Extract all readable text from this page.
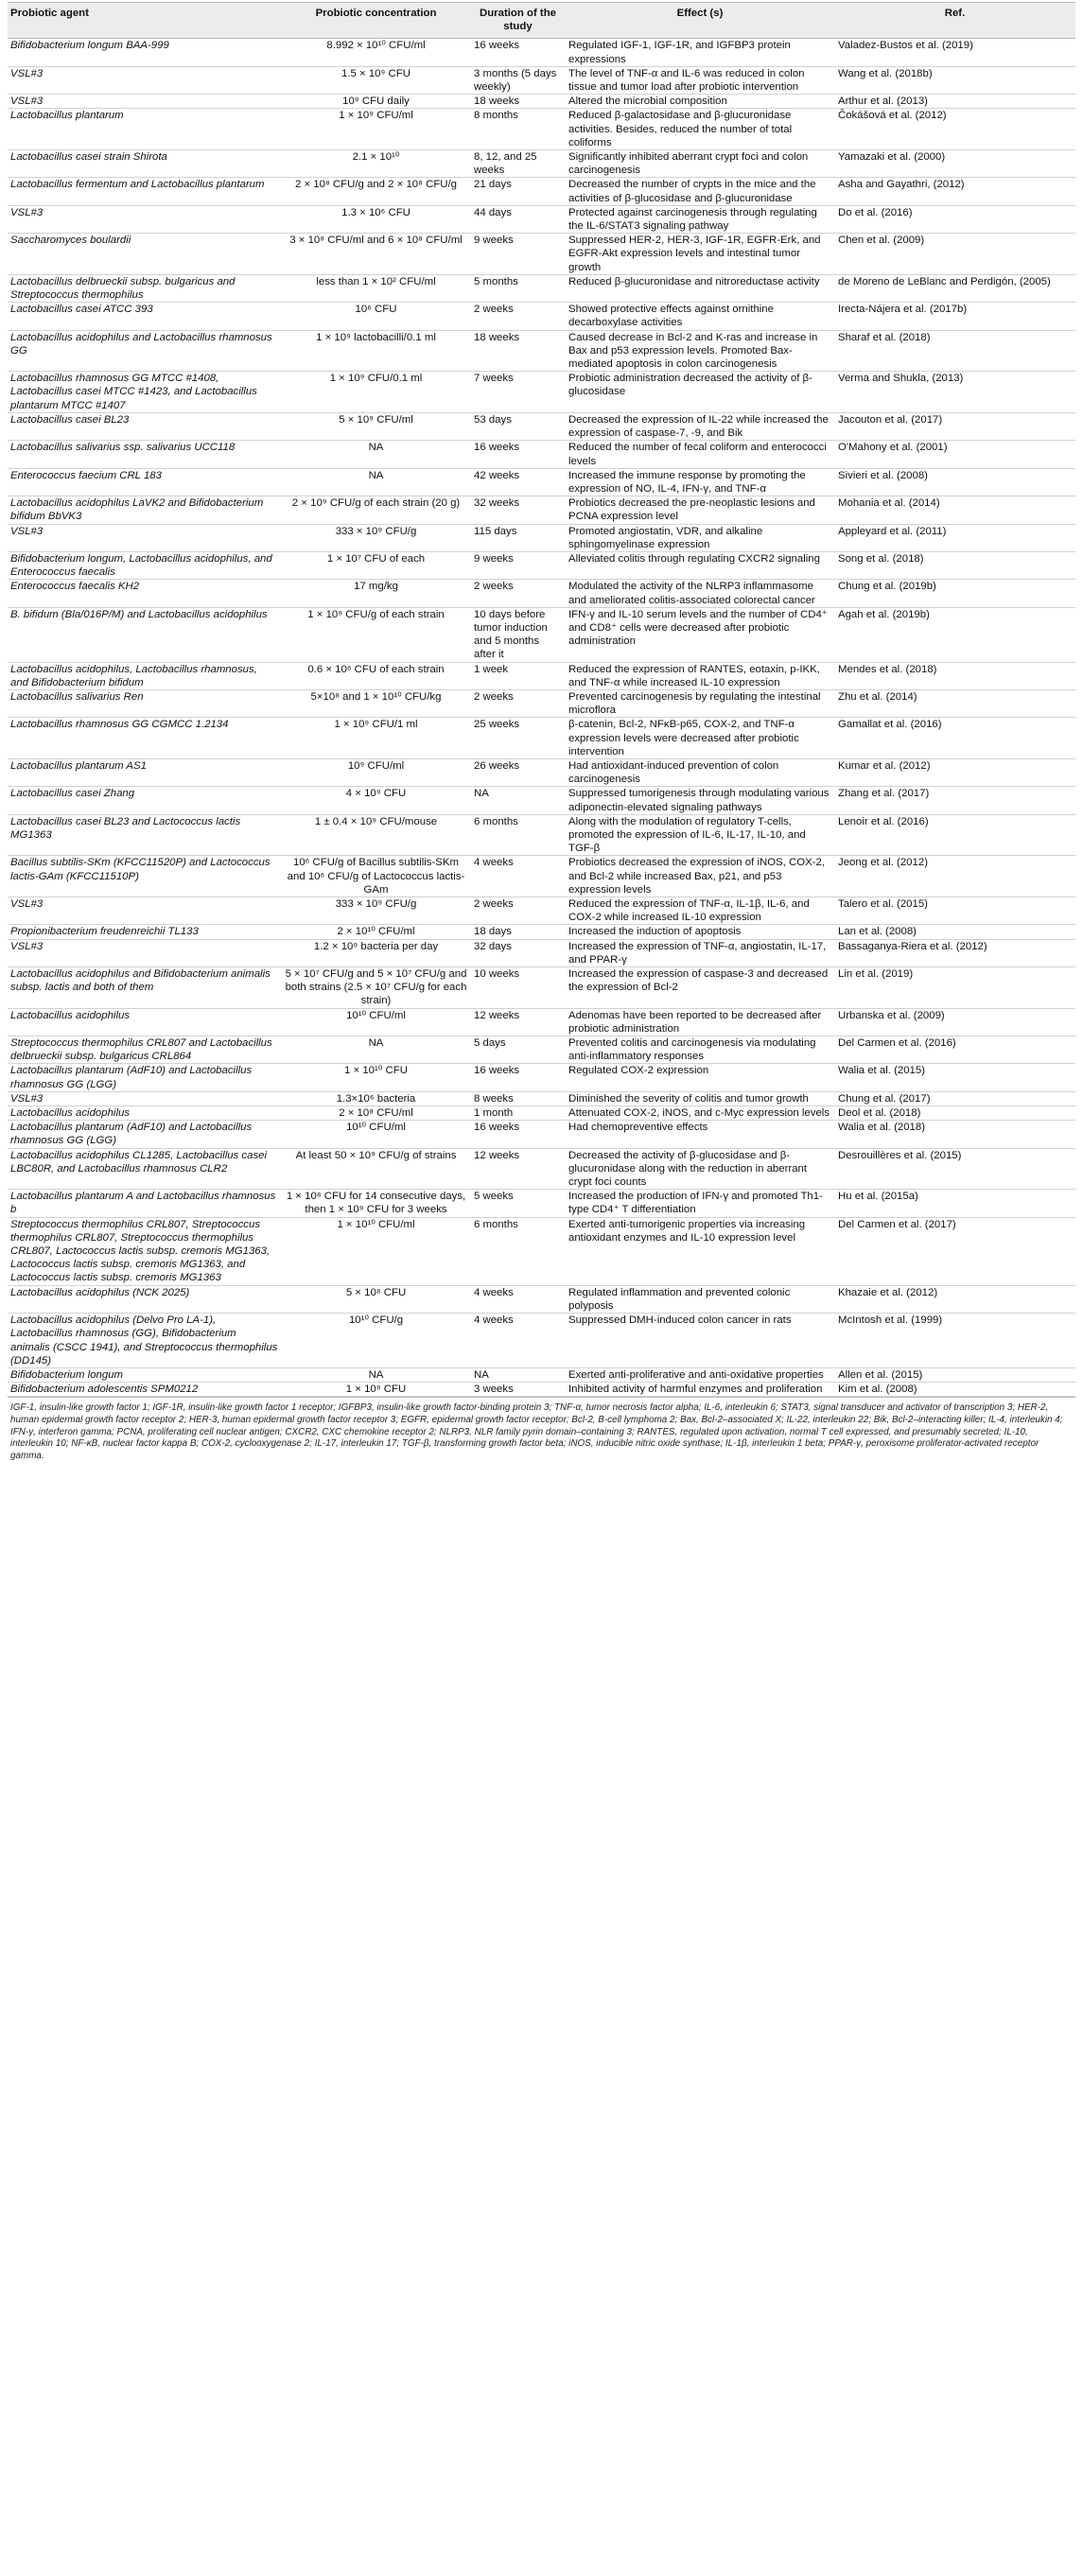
Probiotic agent	Probiotic concentration	Duration of the study	Effect (s)	Ref.
Bifidobacterium longum BAA-999	8.992 × 10¹⁰ CFU/ml	16 weeks	Regulated IGF-1, IGF-1R, and IGFBP3 protein expressions	Valadez-Bustos et al. (2019)
VSL#3	1.5 × 10⁹ CFU	3 months (5 days weekly)	The level of TNF-α and IL-6 was reduced in colon tissue and tumor load after probiotic intervention	Wang et al. (2018b)
VSL#3	10⁹ CFU daily	18 weeks	Altered the microbial composition	Arthur et al. (2013)
Lactobacillus plantarum	1 × 10⁹ CFU/ml	8 months	Reduced β-galactosidase and β-glucuronidase activities. Besides, reduced the number of total coliforms	Čokášová et al. (2012)
Lactobacillus casei strain Shirota	2.1 × 10¹⁰	8, 12, and 25 weeks	Significantly inhibited aberrant crypt foci and colon carcinogenesis	Yamazaki et al. (2000)
Lactobacillus fermentum and Lactobacillus plantarum	2 × 10⁸ CFU/g and 2 × 10⁸ CFU/g	21 days	Decreased the number of crypts in the mice and the activities of β-glucosidase and β-glucuronidase	Asha and Gayathri, (2012)
VSL#3	1.3 × 10⁶ CFU	44 days	Protected against carcinogenesis through regulating the IL-6/STAT3 signaling pathway	Do et al. (2016)
Saccharomyces boulardii	3 × 10⁸ CFU/ml and 6 × 10⁸ CFU/ml	9 weeks	Suppressed HER-2, HER-3, IGF-1R, EGFR-Erk, and EGFR-Akt expression levels and intestinal tumor growth	Chen et al. (2009)
Lactobacillus delbrueckii subsp. bulgaricus and Streptococcus thermophilus	less than 1 × 10² CFU/ml	5 months	Reduced β-glucuronidase and nitroreductase activity	de Moreno de LeBlanc and Perdigón, (2005)
Lactobacillus casei ATCC 393	10⁶ CFU	2 weeks	Showed protective effects against ornithine decarboxylase activities	Irecta-Nájera et al. (2017b)
Lactobacillus acidophilus and Lactobacillus rhamnosus GG	1 × 10⁹ lactobacilli/0.1 ml	18 weeks	Caused decrease in Bcl-2 and K-ras and increase in Bax and p53 expression levels. Promoted Bax-mediated apoptosis in colon carcinogenesis	Sharaf et al. (2018)
Lactobacillus rhamnosus GG MTCC #1408, Lactobacillus casei MTCC #1423, and Lactobacillus plantarum MTCC #1407	1 × 10⁹ CFU/0.1 ml	7 weeks	Probiotic administration decreased the activity of β-glucosidase	Verma and Shukla, (2013)
Lactobacillus casei BL23	5 × 10⁹ CFU/ml	53 days	Decreased the expression of IL-22 while increased the expression of caspase-7, -9, and Bik	Jacouton et al. (2017)
Lactobacillus salivarius ssp. salivarius UCC118	NA	16 weeks	Reduced the number of fecal coliform and enterococci levels	O'Mahony et al. (2001)
Enterococcus faecium CRL 183	NA	42 weeks	Increased the immune response by promoting the expression of NO, IL-4, IFN-γ, and TNF-α	Sivieri et al. (2008)
Lactobacillus acidophilus LaVK2 and Bifidobacterium bifidum BbVK3	2 × 10⁹ CFU/g of each strain (20 g)	32 weeks	Probiotics decreased the pre-neoplastic lesions and PCNA expression level	Mohania et al. (2014)
VSL#3	333 × 10⁹ CFU/g	115 days	Promoted angiostatin, VDR, and alkaline sphingomyelinase expression	Appleyard et al. (2011)
Bifidobacterium longum, Lactobacillus acidophilus, and Enterococcus faecalis	1 × 10⁷ CFU of each	9 weeks	Alleviated colitis through regulating CXCR2 signaling	Song et al. (2018)
Enterococcus faecalis KH2	17 mg/kg	2 weeks	Modulated the activity of the NLRP3 inflammasome and ameliorated colitis-associated colorectal cancer	Chung et al. (2019b)
B. bifidum (Bla/016P/M) and Lactobacillus acidophilus	1 × 10⁹ CFU/g of each strain	10 days before tumor induction and 5 months after it	IFN-γ and IL-10 serum levels and the number of CD4⁺ and CD8⁺ cells were decreased after probiotic administration	Agah et al. (2019b)
Lactobacillus acidophilus, Lactobacillus rhamnosus, and Bifidobacterium bifidum	0.6 × 10⁶ CFU of each strain	1 week	Reduced the expression of RANTES, eotaxin, p-IKK, and TNF-α while increased IL-10 expression	Mendes et al. (2018)
Lactobacillus salivarius Ren	5×10⁸ and 1 × 10¹⁰ CFU/kg	2 weeks	Prevented carcinogenesis by regulating the intestinal microflora	Zhu et al. (2014)
Lactobacillus rhamnosus GG CGMCC 1.2134	1 × 10⁹ CFU/1 ml	25 weeks	β-catenin, Bcl-2, NFκB-p65, COX-2, and TNF-α expression levels were decreased after probiotic intervention	Gamallat et al. (2016)
Lactobacillus plantarum AS1	10⁹ CFU/ml	26 weeks	Had antioxidant-induced prevention of colon carcinogenesis	Kumar et al. (2012)
Lactobacillus casei Zhang	4 × 10⁹ CFU	NA	Suppressed tumorigenesis through modulating various adiponectin-elevated signaling pathways	Zhang et al. (2017)
Lactobacillus casei BL23 and Lactococcus lactis MG1363	1 ± 0.4 × 10⁹ CFU/mouse	6 months	Along with the modulation of regulatory T-cells, promoted the expression of IL-6, IL-17, IL-10, and TGF-β	Lenoir et al. (2016)
Bacillus subtilis-SKm (KFCC11520P) and Lactococcus lactis-GAm (KFCC11510P)	10⁶ CFU/g of Bacillus subtilis-SKm and 10⁶ CFU/g of Lactococcus lactis-GAm	4 weeks	Probiotics decreased the expression of iNOS, COX-2, and Bcl-2 while increased Bax, p21, and p53 expression levels	Jeong et al. (2012)
VSL#3	333 × 10⁹ CFU/g	2 weeks	Reduced the expression of TNF-α, IL-1β, IL-6, and COX-2 while increased IL-10 expression	Talero et al. (2015)
Propionibacterium freudenreichii TL133	2 × 10¹⁰ CFU/ml	18 days	Increased the induction of apoptosis	Lan et al. (2008)
VSL#3	1.2 × 10⁹ bacteria per day	32 days	Increased the expression of TNF-α, angiostatin, IL-17, and PPAR-γ	Bassaganya-Riera et al. (2012)
Lactobacillus acidophilus and Bifidobacterium animalis subsp. lactis and both of them	5 × 10⁷ CFU/g and 5 × 10⁷ CFU/g and both strains (2.5 × 10⁷ CFU/g for each strain)	10 weeks	Increased the expression of caspase-3 and decreased the expression of Bcl-2	Lin et al. (2019)
Lactobacillus acidophilus	10¹⁰ CFU/ml	12 weeks	Adenomas have been reported to be decreased after probiotic administration	Urbanska et al. (2009)
Streptococcus thermophilus CRL807 and Lactobacillus delbrueckii subsp. bulgaricus CRL864	NA	5 days	Prevented colitis and carcinogenesis via modulating anti-inflammatory responses	Del Carmen et al. (2016)
Lactobacillus plantarum (AdF10) and Lactobacillus rhamnosus GG (LGG)	1 × 10¹⁰ CFU	16 weeks	Regulated COX-2 expression	Walia et al. (2015)
VSL#3	1.3×10⁶ bacteria	8 weeks	Diminished the severity of colitis and tumor growth	Chung et al. (2017)
Lactobacillus acidophilus	2 × 10⁸ CFU/ml	1 month	Attenuated COX-2, iNOS, and c-Myc expression levels	Deol et al. (2018)
Lactobacillus plantarum (AdF10) and Lactobacillus rhamnosus GG (LGG)	10¹⁰ CFU/ml	16 weeks	Had chemopreventive effects	Walia et al. (2018)
Lactobacillus acidophilus CL1285, Lactobacillus casei LBC80R, and Lactobacillus rhamnosus CLR2	At least 50 × 10⁹ CFU/g of strains	12 weeks	Decreased the activity of β-glucosidase and β-glucuronidase along with the reduction in aberrant crypt foci counts	Desrouillères et al. (2015)
Lactobacillus plantarum A and Lactobacillus rhamnosus b	1 × 10⁸ CFU for 14 consecutive days, then 1 × 10⁹ CFU for 3 weeks	5 weeks	Increased the production of IFN-γ and promoted Th1-type CD4⁺ T differentiation	Hu et al. (2015a)
Streptococcus thermophilus CRL807, Streptococcus thermophilus CRL807, Streptococcus thermophilus CRL807, Lactococcus lactis subsp. cremoris MG1363, Lactococcus lactis subsp. cremoris MG1363, and Lactococcus lactis subsp. cremoris MG1363	1 × 10¹⁰ CFU/ml	6 months	Exerted anti-tumorigenic properties via increasing antioxidant enzymes and IL-10 expression level	Del Carmen et al. (2017)
Lactobacillus acidophilus (NCK 2025)	5 × 10⁸ CFU	4 weeks	Regulated inflammation and prevented colonic polyposis	Khazaie et al. (2012)
Lactobacillus acidophilus (Delvo Pro LA-1), Lactobacillus rhamnosus (GG), Bifidobacterium animalis (CSCC 1941), and Streptococcus thermophilus (DD145)	10¹⁰ CFU/g	4 weeks	Suppressed DMH-induced colon cancer in rats	McIntosh et al. (1999)
Bifidobacterium longum	NA	NA	Exerted anti-proliferative and anti-oxidative properties	Allen et al. (2015)
Bifidobacterium adolescentis SPM0212	1 × 10⁹ CFU	3 weeks	Inhibited activity of harmful enzymes and proliferation	Kim et al. (2008)
IGF-1, insulin-like growth factor 1; IGF-1R, insulin-like growth factor 1 receptor; IGFBP3, insulin-like growth factor-binding protein 3; TNF-α, tumor necrosis factor alpha; IL-6, interleukin 6; STAT3, signal transducer and activator of transcription 3; HER-2, human epidermal growth factor receptor 2; HER-3, human epidermal growth factor receptor 3; EGFR, epidermal growth factor receptor; Bcl-2, B-cell lymphoma 2; Bax, Bcl-2–associated X; IL-22, interleukin 22; Bik, Bcl-2–interacting killer; IL-4, interleukin 4; IFN-γ, interferon gamma; PCNA, proliferating cell nuclear antigen; CXCR2, CXC chemokine receptor 2; NLRP3, NLR family pyrin domain–containing 3; RANTES, regulated upon activation, normal T cell expressed, and presumably secreted; IL-10, interleukin 10; NF-κB, nuclear factor kappa B; COX-2, cyclooxygenase 2; IL-17, interleukin 17; TGF-β, transforming growth factor beta; iNOS, inducible nitric oxide synthase; IL-1β, interleukin 1 beta; PPAR-γ, peroxisome proliferator-activated receptor gamma.
